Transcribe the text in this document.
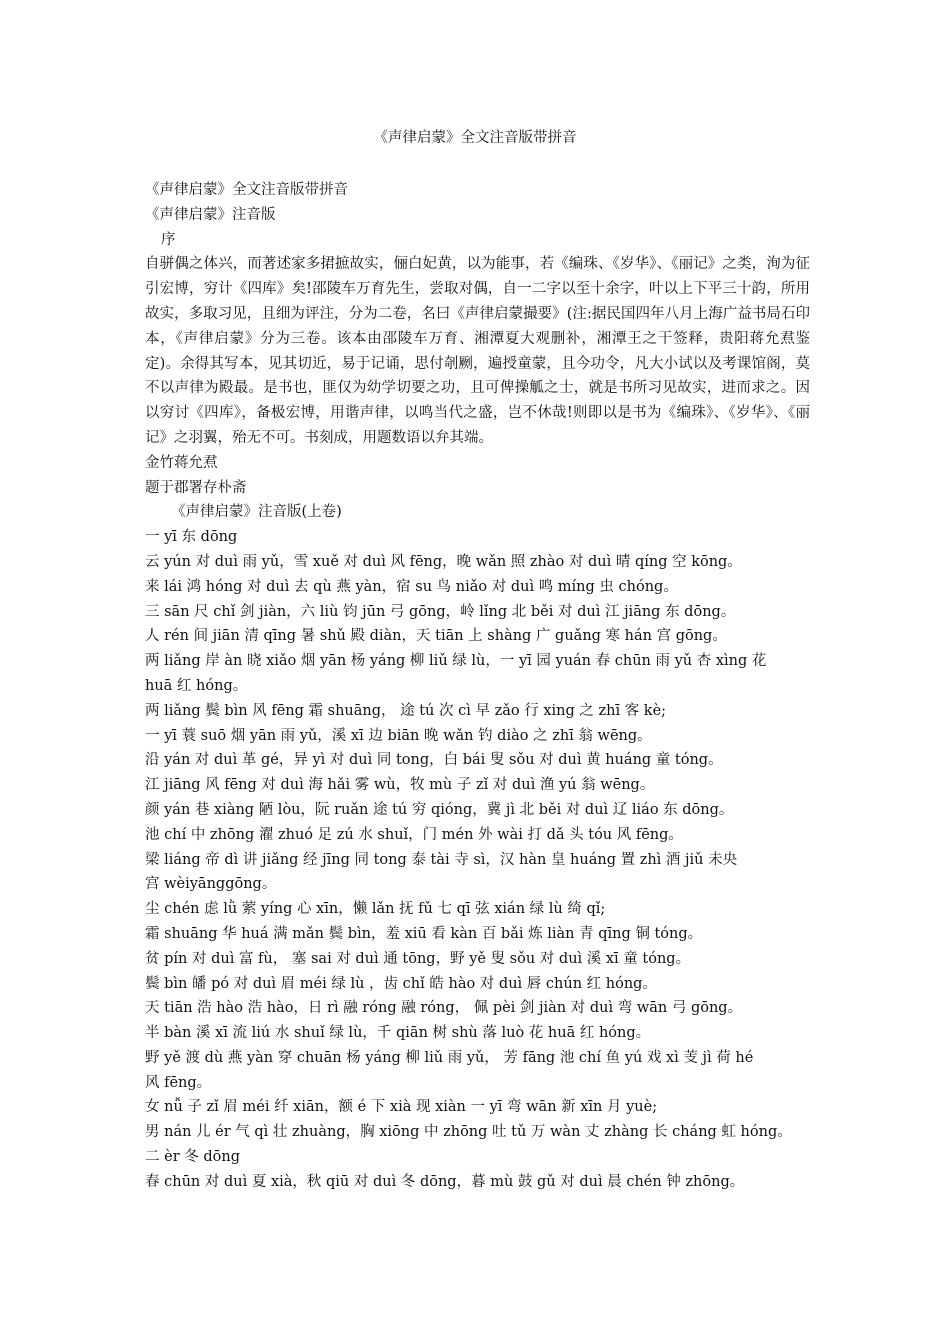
《声律启蒙》全文注音版带拼音
《声律启蒙》全文注音版带拼音
《声律启蒙》注音版
序
自骈偶之体兴，而著述家多捃摭故实，俪白妃黄，以为能事，若《编珠、《岁华》、《丽记》之类，洵为征引宏博，穷计《四库》矣!邵陵车万育先生，尝取对偶，自一二字以至十余字，叶以上下平三十韵，所用故实，多取习见，且细为评注，分为二卷，名曰《声律启蒙撮要》(注:据民国四年八月上海广益书局石印本，《声律启蒙》分为三卷。该本由邵陵车万育、湘潭夏大观删补，湘潭王之干签释，贵阳蒋允焄鉴定)。余得其写本，见其切近，易于记诵，思付剞劂，遍授童蒙，且今功令，凡大小试以及考课馆阁，莫不以声律为殿最。是书也，匪仅为幼学切要之功，且可俾操觚之士，就是书所习见故实，进而求之。因以穷讨《四库》，备极宏博，用谐声律，以鸣当代之盛，岂不休哉!则即以是书为《编珠》、《岁华》、《丽记》之羽翼，殆无不可。书刻成，用题数语以弁其端。
金竹蒋允焄
题于郡署存朴斋
《声律启蒙》注音版(上卷)
一 yī 东 dōng
云 yún 对 duì 雨 yǔ，雪 xuě 对 duì 风 fēng，晚 wǎn 照 zhào 对 duì 晴 qíng 空 kōng。
来 lái 鸿 hóng 对 duì 去 qù 燕 yàn，宿 su 鸟 niǎo 对 duì 鸣 míng 虫 chóng。
三 sān 尺 chǐ 剑 jiàn，六 liù 钧 jūn 弓 gōng，岭 lǐng 北 běi 对 duì 江 jiāng 东 dōng。
人 rén 间 jiān 清 qīng 暑 shǔ 殿 diàn，天 tiān 上 shàng 广 guǎng 寒 hán 宫 gōng。
两 liǎng 岸 àn 晓 xiǎo 烟 yān 杨 yáng 柳 liǔ 绿 lù，一 yī 园 yuán 春 chūn 雨 yǔ 杏 xìng 花
huā 红 hóng。
两 liǎng 鬓 bìn 风 fēng 霜 shuāng， 途 tú 次 cì 早 zǎo 行 xing 之 zhī 客 kè;
一 yī 蓑 suō 烟 yān 雨 yǔ，溪 xī 边 biān 晚 wǎn 钓 diào 之 zhī 翁 wēng。
沿 yán 对 duì 革 gé，异 yì 对 duì 同 tong，白 bái 叟 sǒu 对 duì 黄 huáng 童 tóng。
江 jiāng 风 fēng 对 duì 海 hǎi 雾 wù，牧 mù 子 zǐ 对 duì 渔 yú 翁 wēng。
颜 yán 巷 xiàng 陋 lòu，阮 ruǎn 途 tú 穷 qióng，冀 jì 北 běi 对 duì 辽 liáo 东 dōng。
池 chí 中 zhōng 濯 zhuó 足 zú 水 shuǐ，门 mén 外 wài 打 dǎ 头 tóu 风 fēng。
梁 liáng 帝 dì 讲 jiǎng 经 jīng 同 tong 泰 tài 寺 sì，汉 hàn 皇 huáng 置 zhì 酒 jiǔ 未央
宫 wèiyānggōng。
尘 chén 虑 lǜ 萦 yíng 心 xīn，懒 lǎn 抚 fǔ 七 qī 弦 xián 绿 lù 绮 qǐ;
霜 shuāng 华 huá 满 mǎn 鬓 bìn，羞 xiū 看 kàn 百 bǎi 炼 liàn 青 qīng 铜 tóng。
贫 pín 对 duì 富 fù， 塞 sai 对 duì 通 tōng，野 yě 叟 sǒu 对 duì 溪 xī 童 tóng。
鬓 bìn 皤 pó 对 duì 眉 méi 绿 lù ，齿 chǐ 皓 hào 对 duì 唇 chún 红 hóng。
天 tiān 浩 hào 浩 hào，日 rì 融 róng 融 róng， 佩 pèi 剑 jiàn 对 duì 弯 wān 弓 gōng。
半 bàn 溪 xī 流 liú 水 shuǐ 绿 lù，千 qiān 树 shù 落 luò 花 huā 红 hóng。
野 yě 渡 dù 燕 yàn 穿 chuān 杨 yáng 柳 liǔ 雨 yǔ， 芳 fāng 池 chí 鱼 yú 戏 xì 芰 jì 荷 hé
风 fēng。
女 nǚ 子 zǐ 眉 méi 纤 xiān，额 é 下 xià 现 xiàn 一 yī 弯 wān 新 xīn 月 yuè;
男 nán 儿 ér 气 qì 壮 zhuàng，胸 xiōng 中 zhōng 吐 tǔ 万 wàn 丈 zhàng 长 cháng 虹 hóng。
二 èr 冬 dōng
春 chūn 对 duì 夏 xià，秋 qiū 对 duì 冬 dōng，暮 mù 鼓 gǔ 对 duì 晨 chén 钟 zhōng。
